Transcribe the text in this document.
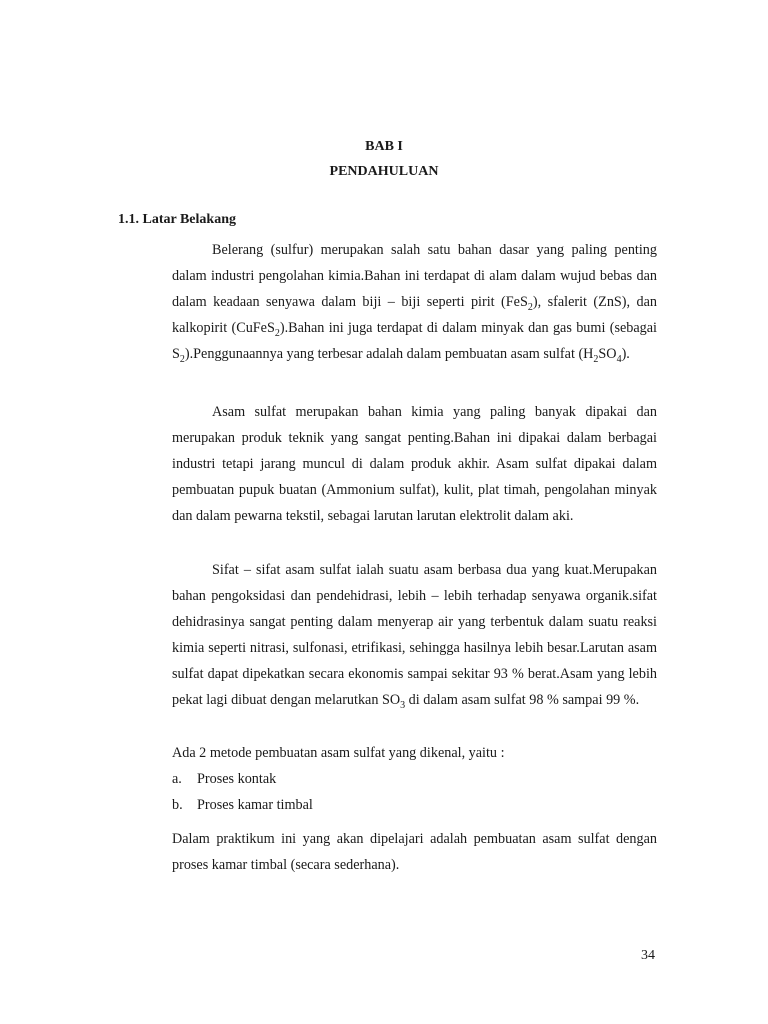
BAB I
PENDAHULUAN
1.1. Latar Belakang
Belerang (sulfur) merupakan salah satu bahan dasar yang paling penting dalam industri pengolahan kimia.Bahan ini terdapat di alam dalam wujud bebas dan dalam keadaan senyawa dalam biji – biji seperti pirit (FeS$_2$), sfalerit (ZnS), dan kalkopirit (CuFeS$_2$).Bahan ini juga terdapat di dalam minyak dan gas bumi (sebagai $S_2).Penggunaannya$ yang terbesar adalah dalam pembuatan asam sulfat $(H_2SO_4)$.
Asam sulfat merupakan bahan kimia yang paling banyak dipakai dan merupakan produk teknik yang sangat penting.Bahan ini dipakai dalam berbagai industri tetapi jarang muncul di dalam produk akhir. Asam sulfat dipakai dalam pembuatan pupuk buatan (Ammonium sulfat), kulit, plat timah, pengolahan minyak dan dalam pewarna tekstil, sebagai larutan larutan elektrolit dalam aki.
Sifat – sifat asam sulfat ialah suatu asam berbasa dua yang kuat.Merupakan bahan pengoksidasi dan pendehidrasi, lebih – lebih terhadap senyawa organik.sifat dehidrasinya sangat penting dalam menyerap air yang terbentuk dalam suatu reaksi kimia seperti nitrasi, sulfonasi, etrifikasi, sehingga hasilnya lebih besar.Larutan asam sulfat dapat dipekatkan secara ekonomis sampai sekitar 93 % berat.Asam yang lebih pekat lagi dibuat dengan melarutkan $SO_3$ di dalam asam sulfat 98 % sampai 99 %.
Ada 2 metode pembuatan asam sulfat yang dikenal, yaitu :
a. Proses kontak
b. Proses kamar timbal
Dalam praktikum ini yang akan dipelajari adalah pembuatan asam sulfat dengan proses kamar timbal (secara sederhana).
34
